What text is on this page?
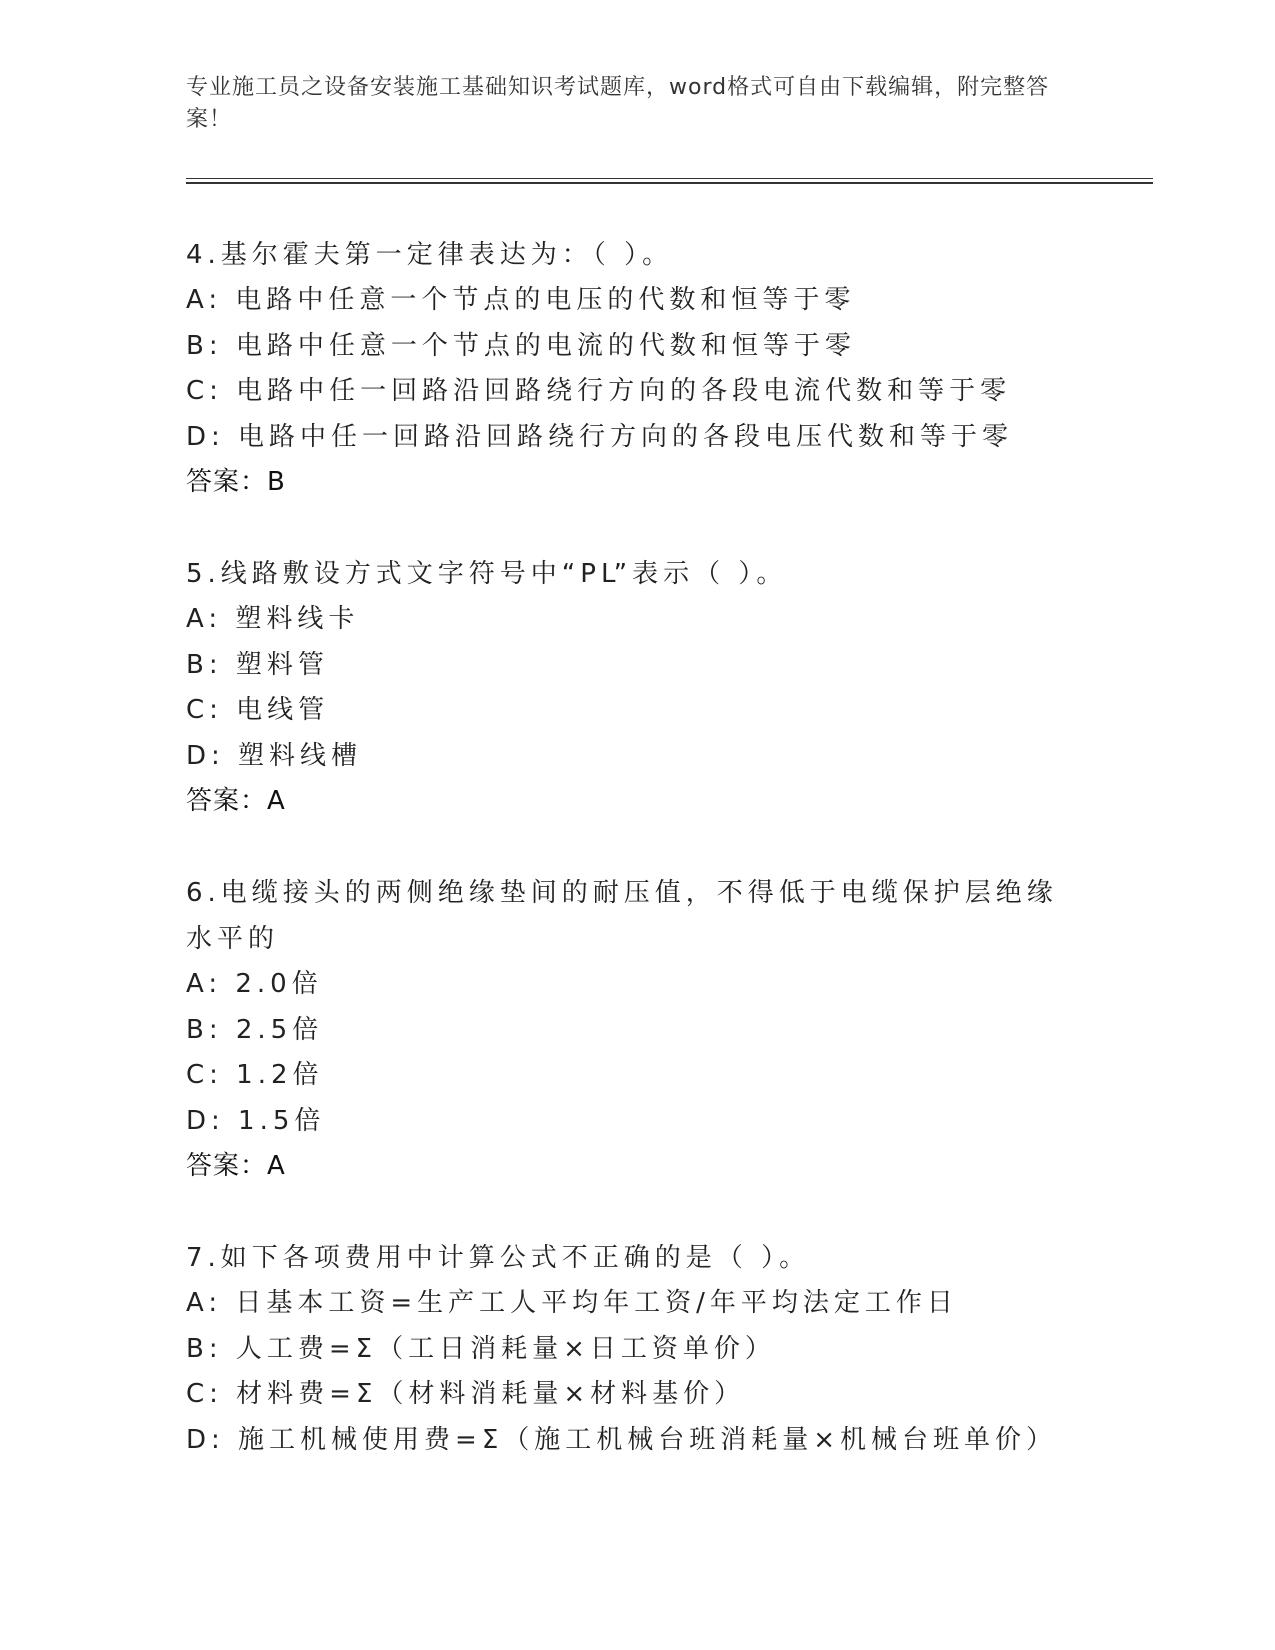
专业施工员之设备安装施工基础知识考试题库，word格式可自由下载编辑，附完整答案！

4.基尔霍夫第一定律表达为：（ ）。

A: 电路中任意一个节点的电压的代数和恒等于零

B: 电路中任意一个节点的电流的代数和恒等于零

C: 电路中任一回路沿回路绕行方向的各段电流代数和等于零

D: 电路中任一回路沿回路绕行方向的各段电压代数和等于零

答案：B

5.线路敷设方式文字符号中“PL”表示（ ）。

A: 塑料线卡

B: 塑料管

C: 电线管

D: 塑料线槽

答案：A

6.电缆接头的两侧绝缘垫间的耐压值，不得低于电缆保护层绝缘水平的

A: 2.0倍

B: 2.5倍

C: 1.2倍

D: 1.5倍

答案：A

7.如下各项费用中计算公式不正确的是（ ）。

A: 日基本工资=生产工人平均年工资/年平均法定工作日

B: 人工费=Σ（工日消耗量×日工资单价）

C: 材料费=Σ（材料消耗量×材料基价）

D: 施工机械使用费=Σ（施工机械台班消耗量×机械台班单价）
